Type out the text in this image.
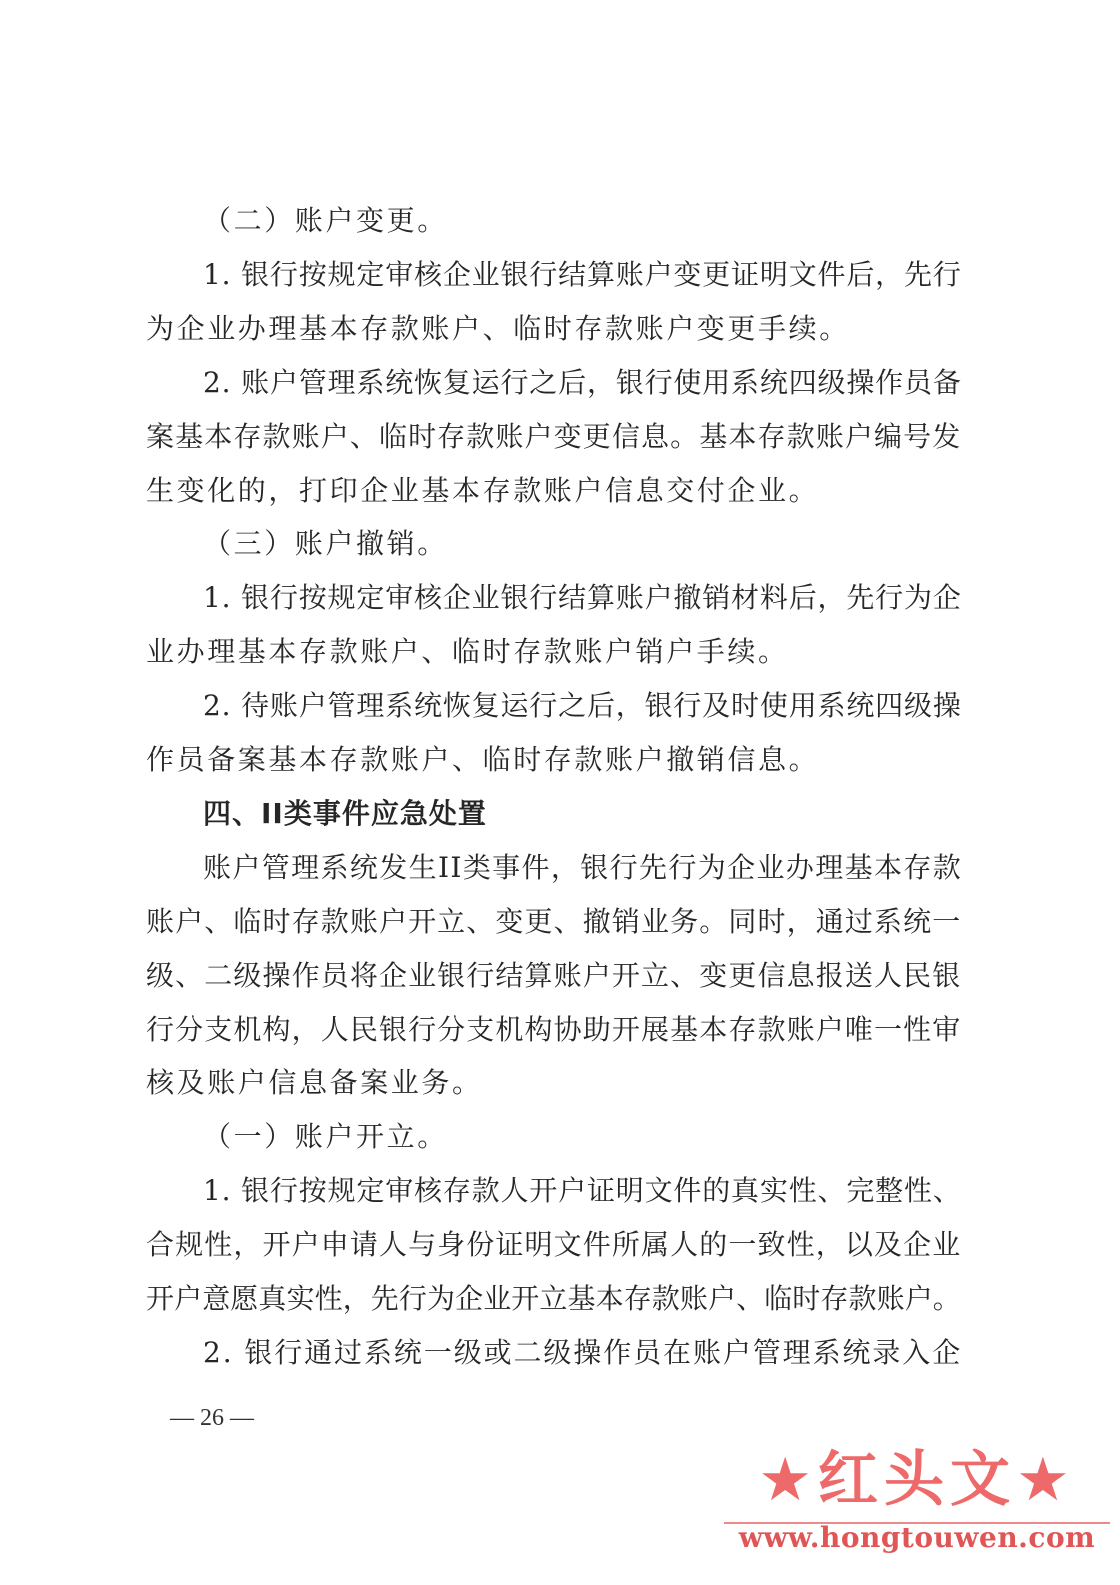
（二）账户变更。
1. 银行按规定审核企业银行结算账户变更证明文件后，先行
为企业办理基本存款账户、临时存款账户变更手续。
2. 账户管理系统恢复运行之后，银行使用系统四级操作员备
案基本存款账户、临时存款账户变更信息。基本存款账户编号发
生变化的，打印企业基本存款账户信息交付企业。
（三）账户撤销。
1. 银行按规定审核企业银行结算账户撤销材料后，先行为企
业办理基本存款账户、临时存款账户销户手续。
2. 待账户管理系统恢复运行之后，银行及时使用系统四级操
作员备案基本存款账户、临时存款账户撤销信息。
四、II类事件应急处置
账户管理系统发生II类事件，银行先行为企业办理基本存款
账户、临时存款账户开立、变更、撤销业务。同时，通过系统一
级、二级操作员将企业银行结算账户开立、变更信息报送人民银
行分支机构，人民银行分支机构协助开展基本存款账户唯一性审
核及账户信息备案业务。
（一）账户开立。
1. 银行按规定审核存款人开户证明文件的真实性、完整性、
合规性，开户申请人与身份证明文件所属人的一致性，以及企业
开户意愿真实性，先行为企业开立基本存款账户、临时存款账户。
2. 银行通过系统一级或二级操作员在账户管理系统录入企
— 26 —
★红头文★
www.hongtouwen.com
